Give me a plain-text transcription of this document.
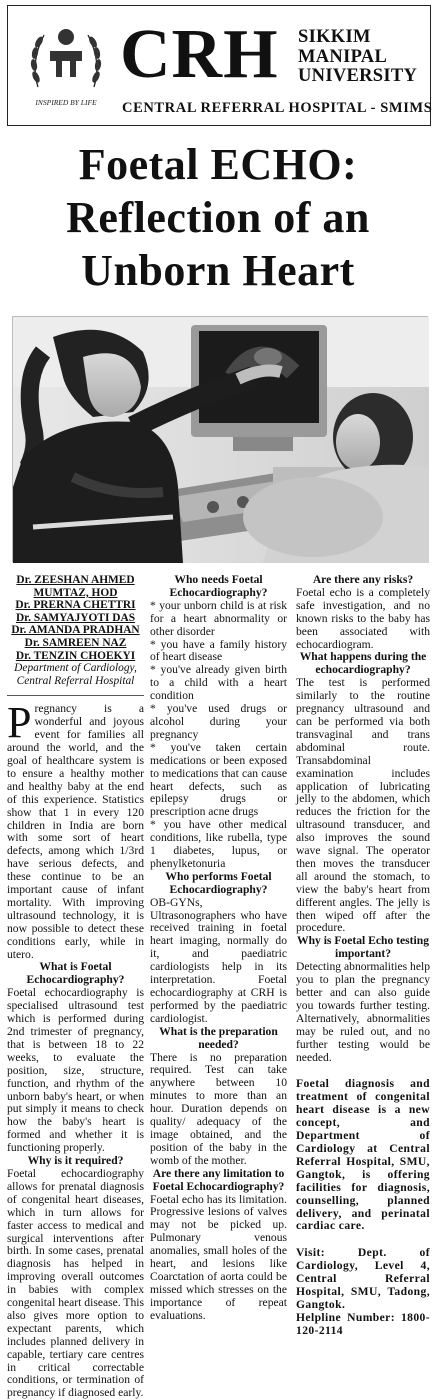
INSPIRED BY LIFE
CRH SIKKIM
MANIPAL
UNIVERSITY
CENTRAL REFERRAL HOSPITAL - SMIMS
Foetal ECHO:
Reflection of an
Unborn Heart
Dr. ZEESHAN AHMED
MUMTAZ, HOD
Dr. PRERNA CHETTRI
Dr. SAMYAJYOTI DAS
Dr. AMANDA PRADHAN
Dr. SAMREEN NAZ
Dr. TENZIN CHOEKYI
Department of Cardiology, Central Referral Hospital

Pregnancy is a wonderful and joyous event for families all around the world, and the goal of healthcare system is to ensure a healthy mother and healthy baby at the end of this experience. Statistics show that 1 in every 120 children in India are born with some sort of heart defects, among which 1/3rd have serious defects, and these continue to be an important cause of infant mortality. With improving ultrasound technology, it is now possible to detect these conditions early, while in utero.

What is Foetal Echocardiography?

Foetal echocardiography is specialised ultrasound test which is performed during 2nd trimester of pregnancy, that is between 18 to 22 weeks, to evaluate the position, size, structure, function, and rhythm of the unborn baby's heart, or when put simply it means to check how the baby's heart is formed and whether it is functioning properly.

Why is it required?

Foetal echocardiography allows for prenatal diagnosis of congenital heart diseases, which in turn allows for faster access to medical and surgical interventions after birth. In some cases, prenatal diagnosis has helped in improving overall outcomes in babies with complex congenital heart disease. This also gives more option to expectant parents, which includes planned delivery in capable, tertiary care centres in critical correctable conditions, or termination of pregnancy if diagnosed early.

Who needs Foetal Echocardiography?

* your unborn child is at risk for a heart abnormality or other disorder

* you have a family history of heart disease

* you've already given birth to a child with a heart condition

* you've used drugs or alcohol during your pregnancy

* you've taken certain medications or been exposed to medications that can cause heart defects, such as epilepsy drugs or prescription acne drugs

* you have other medical conditions, like rubella, type 1 diabetes, lupus, or phenylketonuria

Who performs Foetal Echocardiography?

OB-GYNs, Ultrasonographers who have received training in foetal heart imaging, normally do it, and paediatric cardiologists help in its interpretation. Foetal echocardiography at CRH is performed by the paediatric cardiologist.

What is the preparation needed?

There is no preparation required. Test can take anywhere between 10 minutes to more than an hour. Duration depends on quality/ adequacy of the image obtained, and the position of the baby in the womb of the mother.

Are there any limitation to Foetal Echocardiography?

Foetal echo has its limitation. Progressive lesions of valves may not be picked up. Pulmonary venous anomalies, small holes of the heart, and lesions like Coarctation of aorta could be missed which stresses on the importance of repeat evaluations.

Are there any risks?

Foetal echo is a completely safe investigation, and no known risks to the baby has been associated with echocardiogram.

What happens during the echocardiography?

The test is performed similarly to the routine pregnancy ultrasound and can be performed via both transvaginal and trans abdominal route. Transabdominal examination includes application of lubricating jelly to the abdomen, which reduces the friction for the ultrasound transducer, and also improves the sound wave signal. The operator then moves the transducer all around the stomach, to view the baby's heart from different angles. The jelly is then wiped off after the procedure.

Why is Foetal Echo testing important?

Detecting abnormalities help you to plan the pregnancy better and can also guide you towards further testing. Alternatively, abnormalities may be ruled out, and no further testing would be needed.

Foetal diagnosis and treatment of congenital heart disease is a new concept, and Department of Cardiology at Central Referral Hospital, SMU, Gangtok, is offering facilities for diagnosis, counselling, planned delivery, and perinatal cardiac care.

Visit: Dept. of Cardiology, Level 4, Central Referral Hospital, SMU, Tadong, Gangtok.

Helpline Number: 1800-120-2114
